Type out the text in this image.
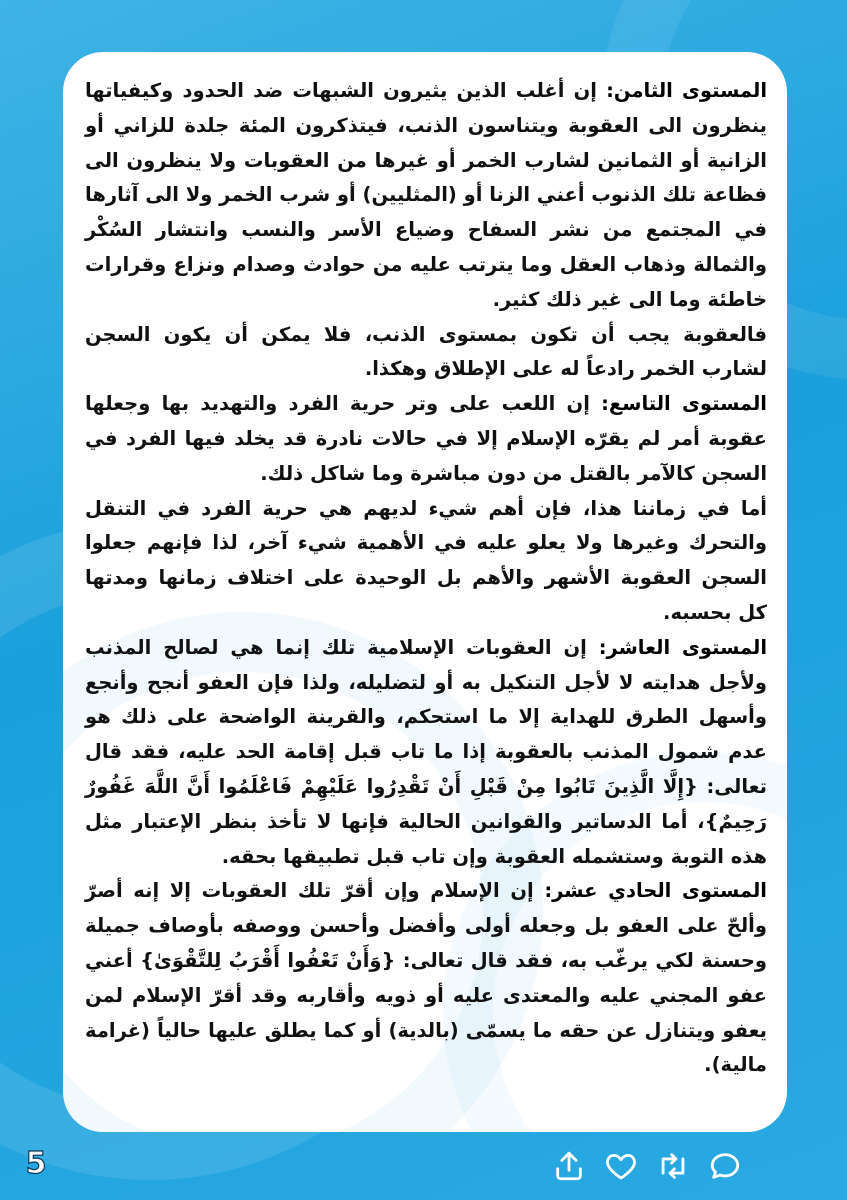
المستوى الثامن: إن أغلب الذين يثيرون الشبهات ضد الحدود وكيفياتها ينظرون الى العقوبة ويتناسون الذنب، فيتذكرون المئة جلدة للزاني أو الزانية أو الثمانين لشارب الخمر أو غيرها من العقوبات ولا ينظرون الى فظاعة تلك الذنوب أعني الزنا أو (المثليين) أو شرب الخمر ولا الى آثارها في المجتمع من نشر السفاح وضياع الأسر والنسب وانتشار السُكْر والثمالة وذهاب العقل وما يترتب عليه من حوادث وصدام ونزاع وقرارات خاطئة وما الى غير ذلك كثير.

فالعقوبة يجب أن تكون بمستوى الذنب، فلا يمكن أن يكون السجن لشارب الخمر رادعاً له على الإطلاق وهكذا.

المستوى التاسع: إن اللعب على وتر حرية الفرد والتهديد بها وجعلها عقوبة أمر لم يقرّه الإسلام إلا في حالات نادرة قد يخلد فيها الفرد في السجن كالآمر بالقتل من دون مباشرة وما شاكل ذلك.

أما في زماننا هذا، فإن أهم شيء لديهم هي حرية الفرد في التنقل والتحرك وغيرها ولا يعلو عليه في الأهمية شيء آخر، لذا فإنهم جعلوا السجن العقوبة الأشهر والأهم بل الوحيدة على اختلاف زمانها ومدتها كل بحسبه.

المستوى العاشر: إن العقوبات الإسلامية تلك إنما هي لصالح المذنب ولأجل هدايته لا لأجل التنكيل به أو لتضليله، ولذا فإن العفو أنجح وأنجع وأسهل الطرق للهداية إلا ما استحكم، والقرينة الواضحة على ذلك هو عدم شمول المذنب بالعقوبة إذا ما تاب قبل إقامة الحد عليه، فقد قال تعالى: {إِلَّا الَّذِينَ تَابُوا مِنْ قَبْلِ أَنْ تَقْدِرُوا عَلَيْهِمْ فَاعْلَمُوا أَنَّ اللَّهَ غَفُورٌ رَحِيمٌ}، أما الدساتير والقوانين الحالية فإنها لا تأخذ بنظر الإعتبار مثل هذه التوبة وستشمله العقوبة وإن تاب قبل تطبيقها بحقه.

المستوى الحادي عشر: إن الإسلام وإن أقرّ تلك العقوبات إلا إنه أصرّ وألحّ على العفو بل وجعله أولى وأفضل وأحسن ووصفه بأوصاف جميلة وحسنة لكي يرغّب به، فقد قال تعالى: {وَأَنْ تَعْفُوا أَقْرَبُ لِلتَّقْوَىٰ} أعني عفو المجني عليه والمعتدى عليه أو ذويه وأقاربه وقد أقرّ الإسلام لمن يعفو ويتنازل عن حقه ما يسمّى (بالدية) أو كما يطلق عليها حالياً (غرامة مالية).

5
